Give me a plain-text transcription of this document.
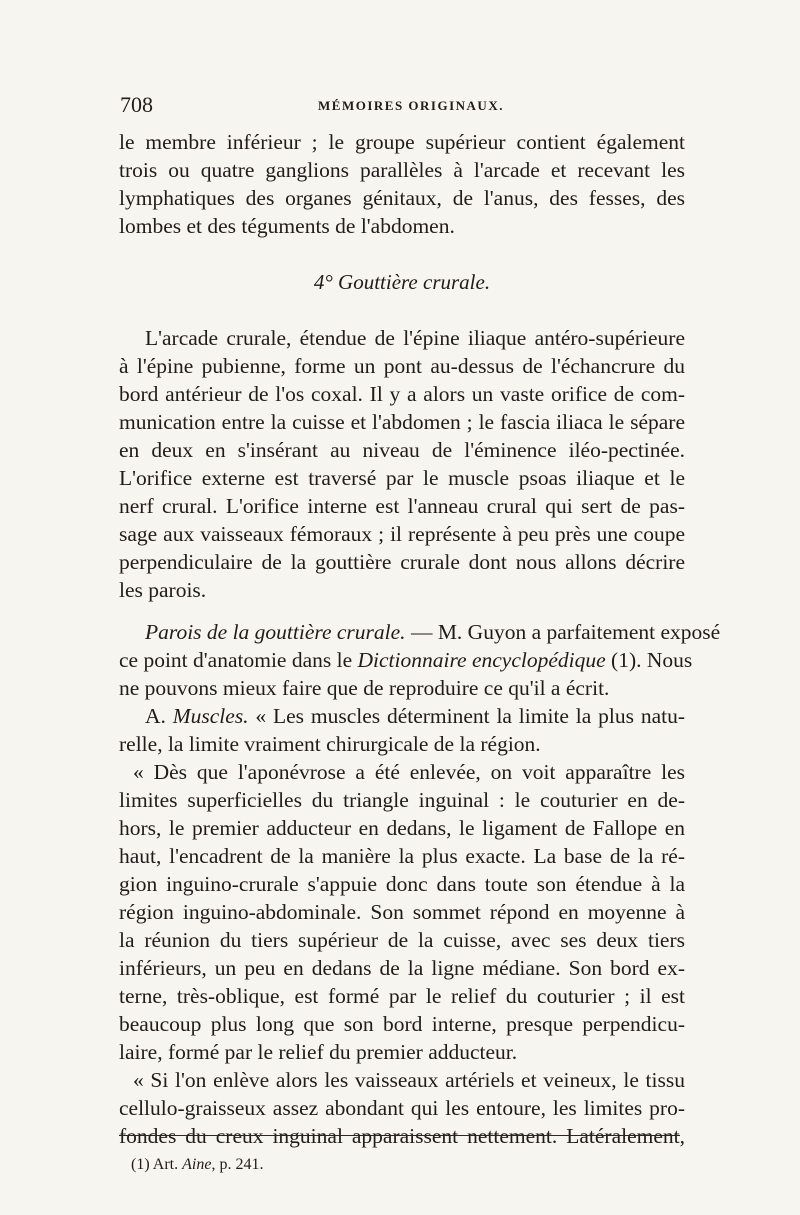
708	MÉMOIRES ORIGINAUX.
le membre inférieur ; le groupe supérieur contient également
trois ou quatre ganglions parallèles à l'arcade et recevant les
lymphatiques des organes génitaux, de l'anus, des fesses, des
lombes et des téguments de l'abdomen.
4° Gouttière crurale.
L'arcade crurale, étendue de l'épine iliaque antéro-supérieure
à l'épine pubienne, forme un pont au-dessus de l'échancrure du
bord antérieur de l'os coxal. Il y a alors un vaste orifice de com-
munication entre la cuisse et l'abdomen ; le fascia iliaca le sépare
en deux en s'insérant au niveau de l'éminence iléo-pectinée.
L'orifice externe est traversé par le muscle psoas iliaque et le
nerf crural. L'orifice interne est l'anneau crural qui sert de pas-
sage aux vaisseaux fémoraux ; il représente à peu près une coupe
perpendiculaire de la gouttière crurale dont nous allons décrire
les parois.
Parois de la gouttière crurale. — M. Guyon a parfaitement exposé
ce point d'anatomie dans le Dictionnaire encyclopédique (1). Nous
ne pouvons mieux faire que de reproduire ce qu'il a écrit.
A. Muscles. « Les muscles déterminent la limite la plus natu-
relle, la limite vraiment chirurgicale de la région.
« Dès que l'aponévrose a été enlevée, on voit apparaître les
limites superficielles du triangle inguinal : le couturier en de-
hors, le premier adducteur en dedans, le ligament de Fallope en
haut, l'encadrent de la manière la plus exacte. La base de la ré-
gion inguino-crurale s'appuie donc dans toute son étendue à la
région inguino-abdominale. Son sommet répond en moyenne à
la réunion du tiers supérieur de la cuisse, avec ses deux tiers
inférieurs, un peu en dedans de la ligne médiane. Son bord ex-
terne, très-oblique, est formé par le relief du couturier ; il est
beaucoup plus long que son bord interne, presque perpendicu-
laire, formé par le relief du premier adducteur.
« Si l'on enlève alors les vaisseaux artériels et veineux, le tissu
cellulo-graisseux assez abondant qui les entoure, les limites pro-
fondes du creux inguinal apparaissent nettement. Latéralement,
(1) Art. Aine, p. 241.
